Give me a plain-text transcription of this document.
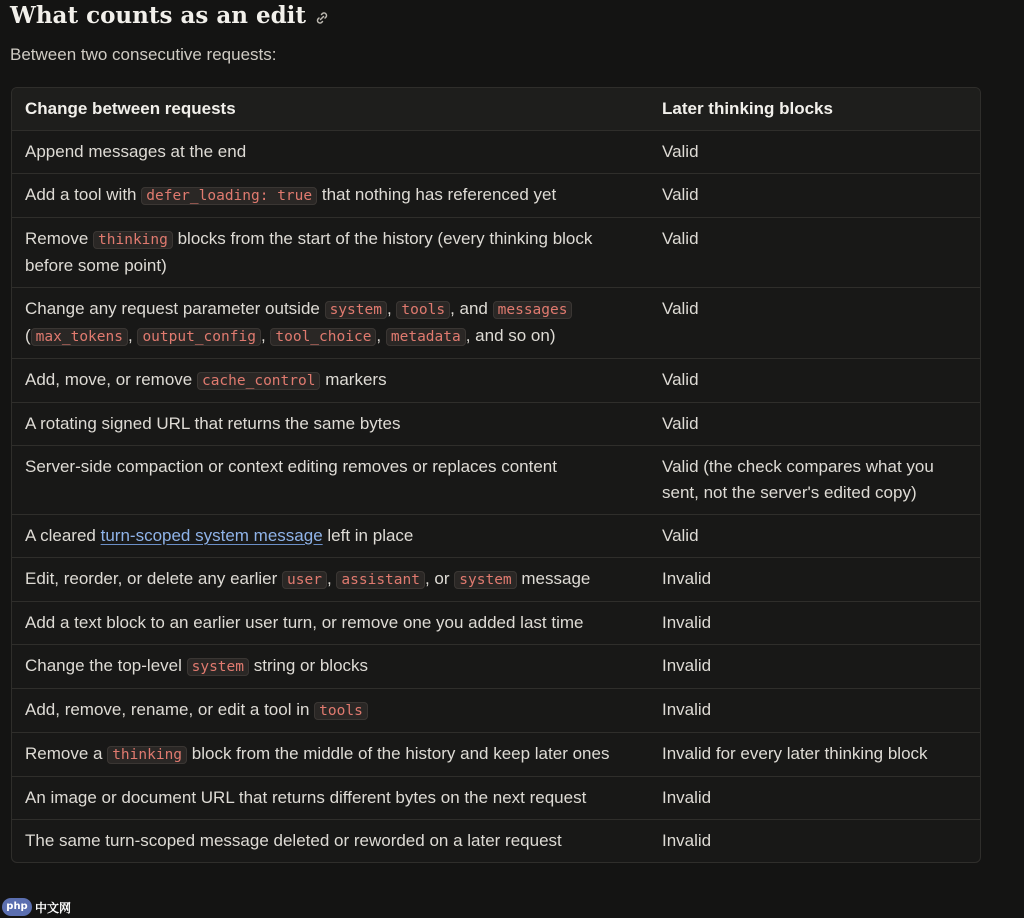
What counts as an edit
Between two consecutive requests:
Change between requests	Later thinking blocks
Append messages at the end	Valid
Add a tool with defer_loading: true that nothing has referenced yet	Valid
Remove thinking blocks from the start of the history (every thinking block before some point)	Valid
Change any request parameter outside system , tools , and messages ( max_tokens , output_config , tool_choice , metadata , and so on)	Valid
Add, move, or remove cache_control markers	Valid
A rotating signed URL that returns the same bytes	Valid
Server-side compaction or context editing removes or replaces content	Valid (the check compares what you sent, not the server's edited copy)
A cleared turn-scoped system message left in place	Valid
Edit, reorder, or delete any earlier user , assistant , or system message	Invalid
Add a text block to an earlier user turn, or remove one you added last time	Invalid
Change the top-level system string or blocks	Invalid
Add, remove, rename, or edit a tool in tools	Invalid
Remove a thinking block from the middle of the history and keep later ones	Invalid for every later thinking block
An image or document URL that returns different bytes on the next request	Invalid
The same turn-scoped message deleted or reworded on a later request	Invalid
php 中文网
